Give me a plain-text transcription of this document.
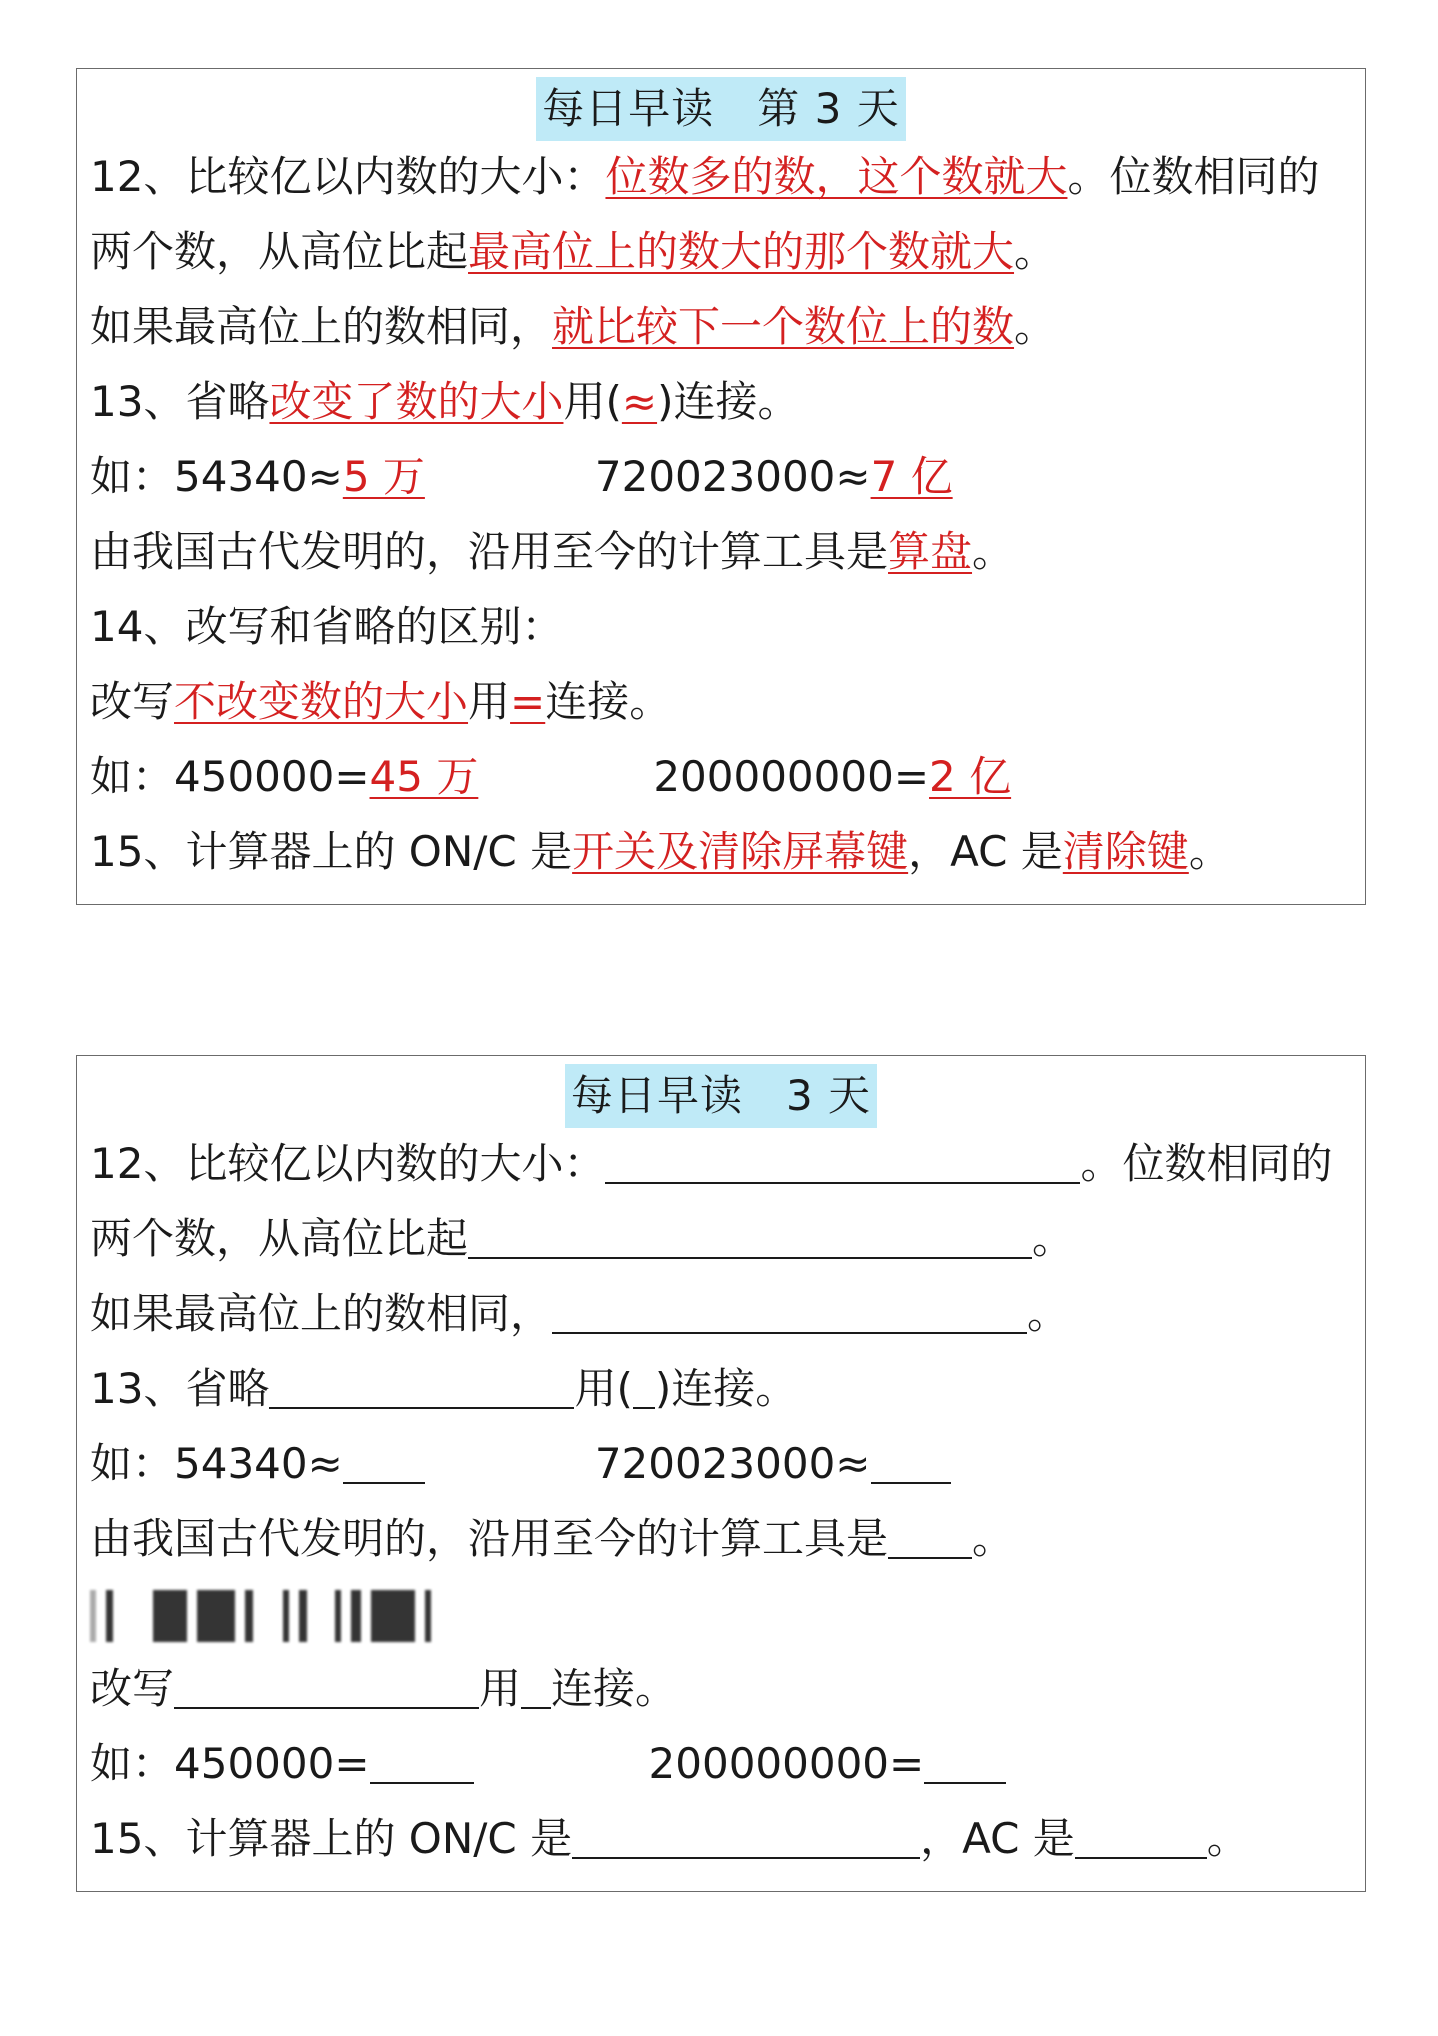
每日早读　第 3 天
12、比较亿以内数的大小：位数多的数，这个数就大。位数相同的
两个数，从高位比起最高位上的数大的那个数就大。
如果最高位上的数相同，就比较下一个数位上的数。
13、省略改变了数的大小用(≈)连接。
如：54340≈5 万	720023000≈7 亿
由我国古代发明的，沿用至今的计算工具是算盘。
14、改写和省略的区别：
改写不改变数的大小用=连接。
如：450000=45 万	200000000=2 亿
15、计算器上的 ON/C 是开关及清除屏幕键，AC 是清除键。
每日早读　3 天
12、比较亿以内数的大小：	。位数相同的
两个数，从高位比起	。
如果最高位上的数相同，	。
13、省略	用( )连接。
如：54340≈	720023000≈
由我国古代发明的，沿用至今的计算工具是 。
改写	用 连接。
如：450000=	200000000=
15、计算器上的 ON/C 是	，AC 是	。
